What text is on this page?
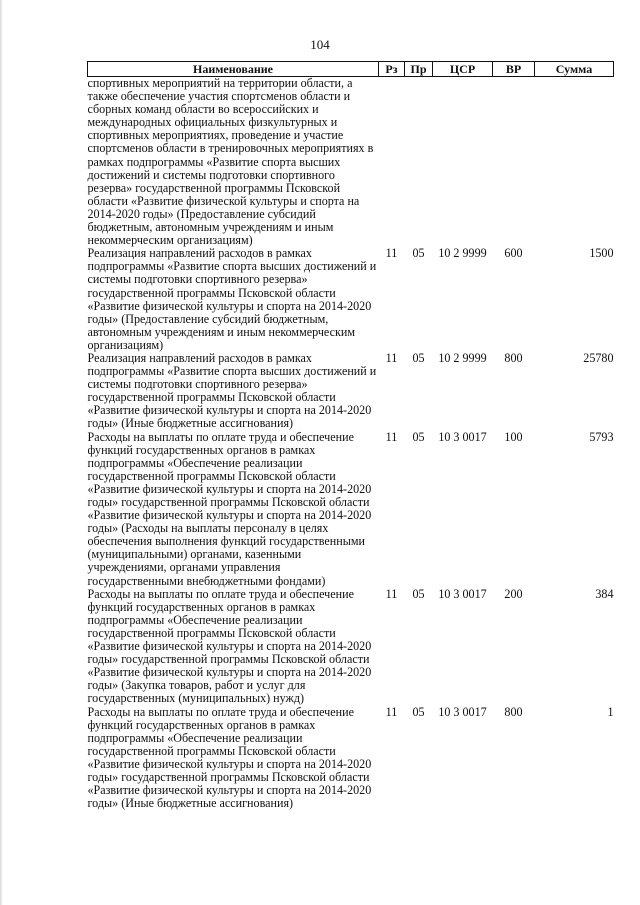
104
Наименование	Рз	Пр	ЦСР	ВР	Сумма
спортивных мероприятий на территории области, а также обеспечение участия спортсменов области и сборных команд области во всероссийских и международных официальных физкультурных и спортивных мероприятиях, проведение и участие спортсменов области в тренировочных мероприятиях в рамках подпрограммы «Развитие спорта высших достижений и системы подготовки спортивного резерва» государственной программы Псковской области «Развитие физической культуры и спорта на 2014-2020 годы» (Предоставление субсидий бюджетным, автономным учреждениям и иным некоммерческим организациям)					
Реализация направлений расходов в рамках подпрограммы «Развитие спорта высших достижений и системы подготовки спортивного резерва» государственной программы Псковской области «Развитие физической культуры и спорта на 2014-2020 годы» (Предоставление субсидий бюджетным, автономным учреждениям и иным некоммерческим организациям)	11	05	10 2 9999	600	1500
Реализация направлений расходов в рамках подпрограммы «Развитие спорта высших достижений и системы подготовки спортивного резерва» государственной программы Псковской области «Развитие физической культуры и спорта на 2014-2020 годы» (Иные бюджетные ассигнования)	11	05	10 2 9999	800	25780
Расходы на выплаты по оплате труда и обеспечение функций государственных органов в рамках подпрограммы «Обеспечение реализации государственной программы Псковской области «Развитие физической культуры и спорта на 2014-2020 годы» государственной программы Псковской области «Развитие физической культуры и спорта на 2014-2020 годы» (Расходы на выплаты персоналу в целях обеспечения выполнения функций государственными (муниципальными) органами, казенными учреждениями, органами управления государственными внебюджетными фондами)	11	05	10 3 0017	100	5793
Расходы на выплаты по оплате труда и обеспечение функций государственных органов в рамках подпрограммы «Обеспечение реализации государственной программы Псковской области «Развитие физической культуры и спорта на 2014-2020 годы» государственной программы Псковской области «Развитие физической культуры и спорта на 2014-2020 годы» (Закупка товаров, работ и услуг для государственных (муниципальных) нужд)	11	05	10 3 0017	200	384
Расходы на выплаты по оплате труда и обеспечение функций государственных органов в рамках подпрограммы «Обеспечение реализации государственной программы Псковской области «Развитие физической культуры и спорта на 2014-2020 годы» государственной программы Псковской области «Развитие физической культуры и спорта на 2014-2020 годы» (Иные бюджетные ассигнования)	11	05	10 3 0017	800	1
